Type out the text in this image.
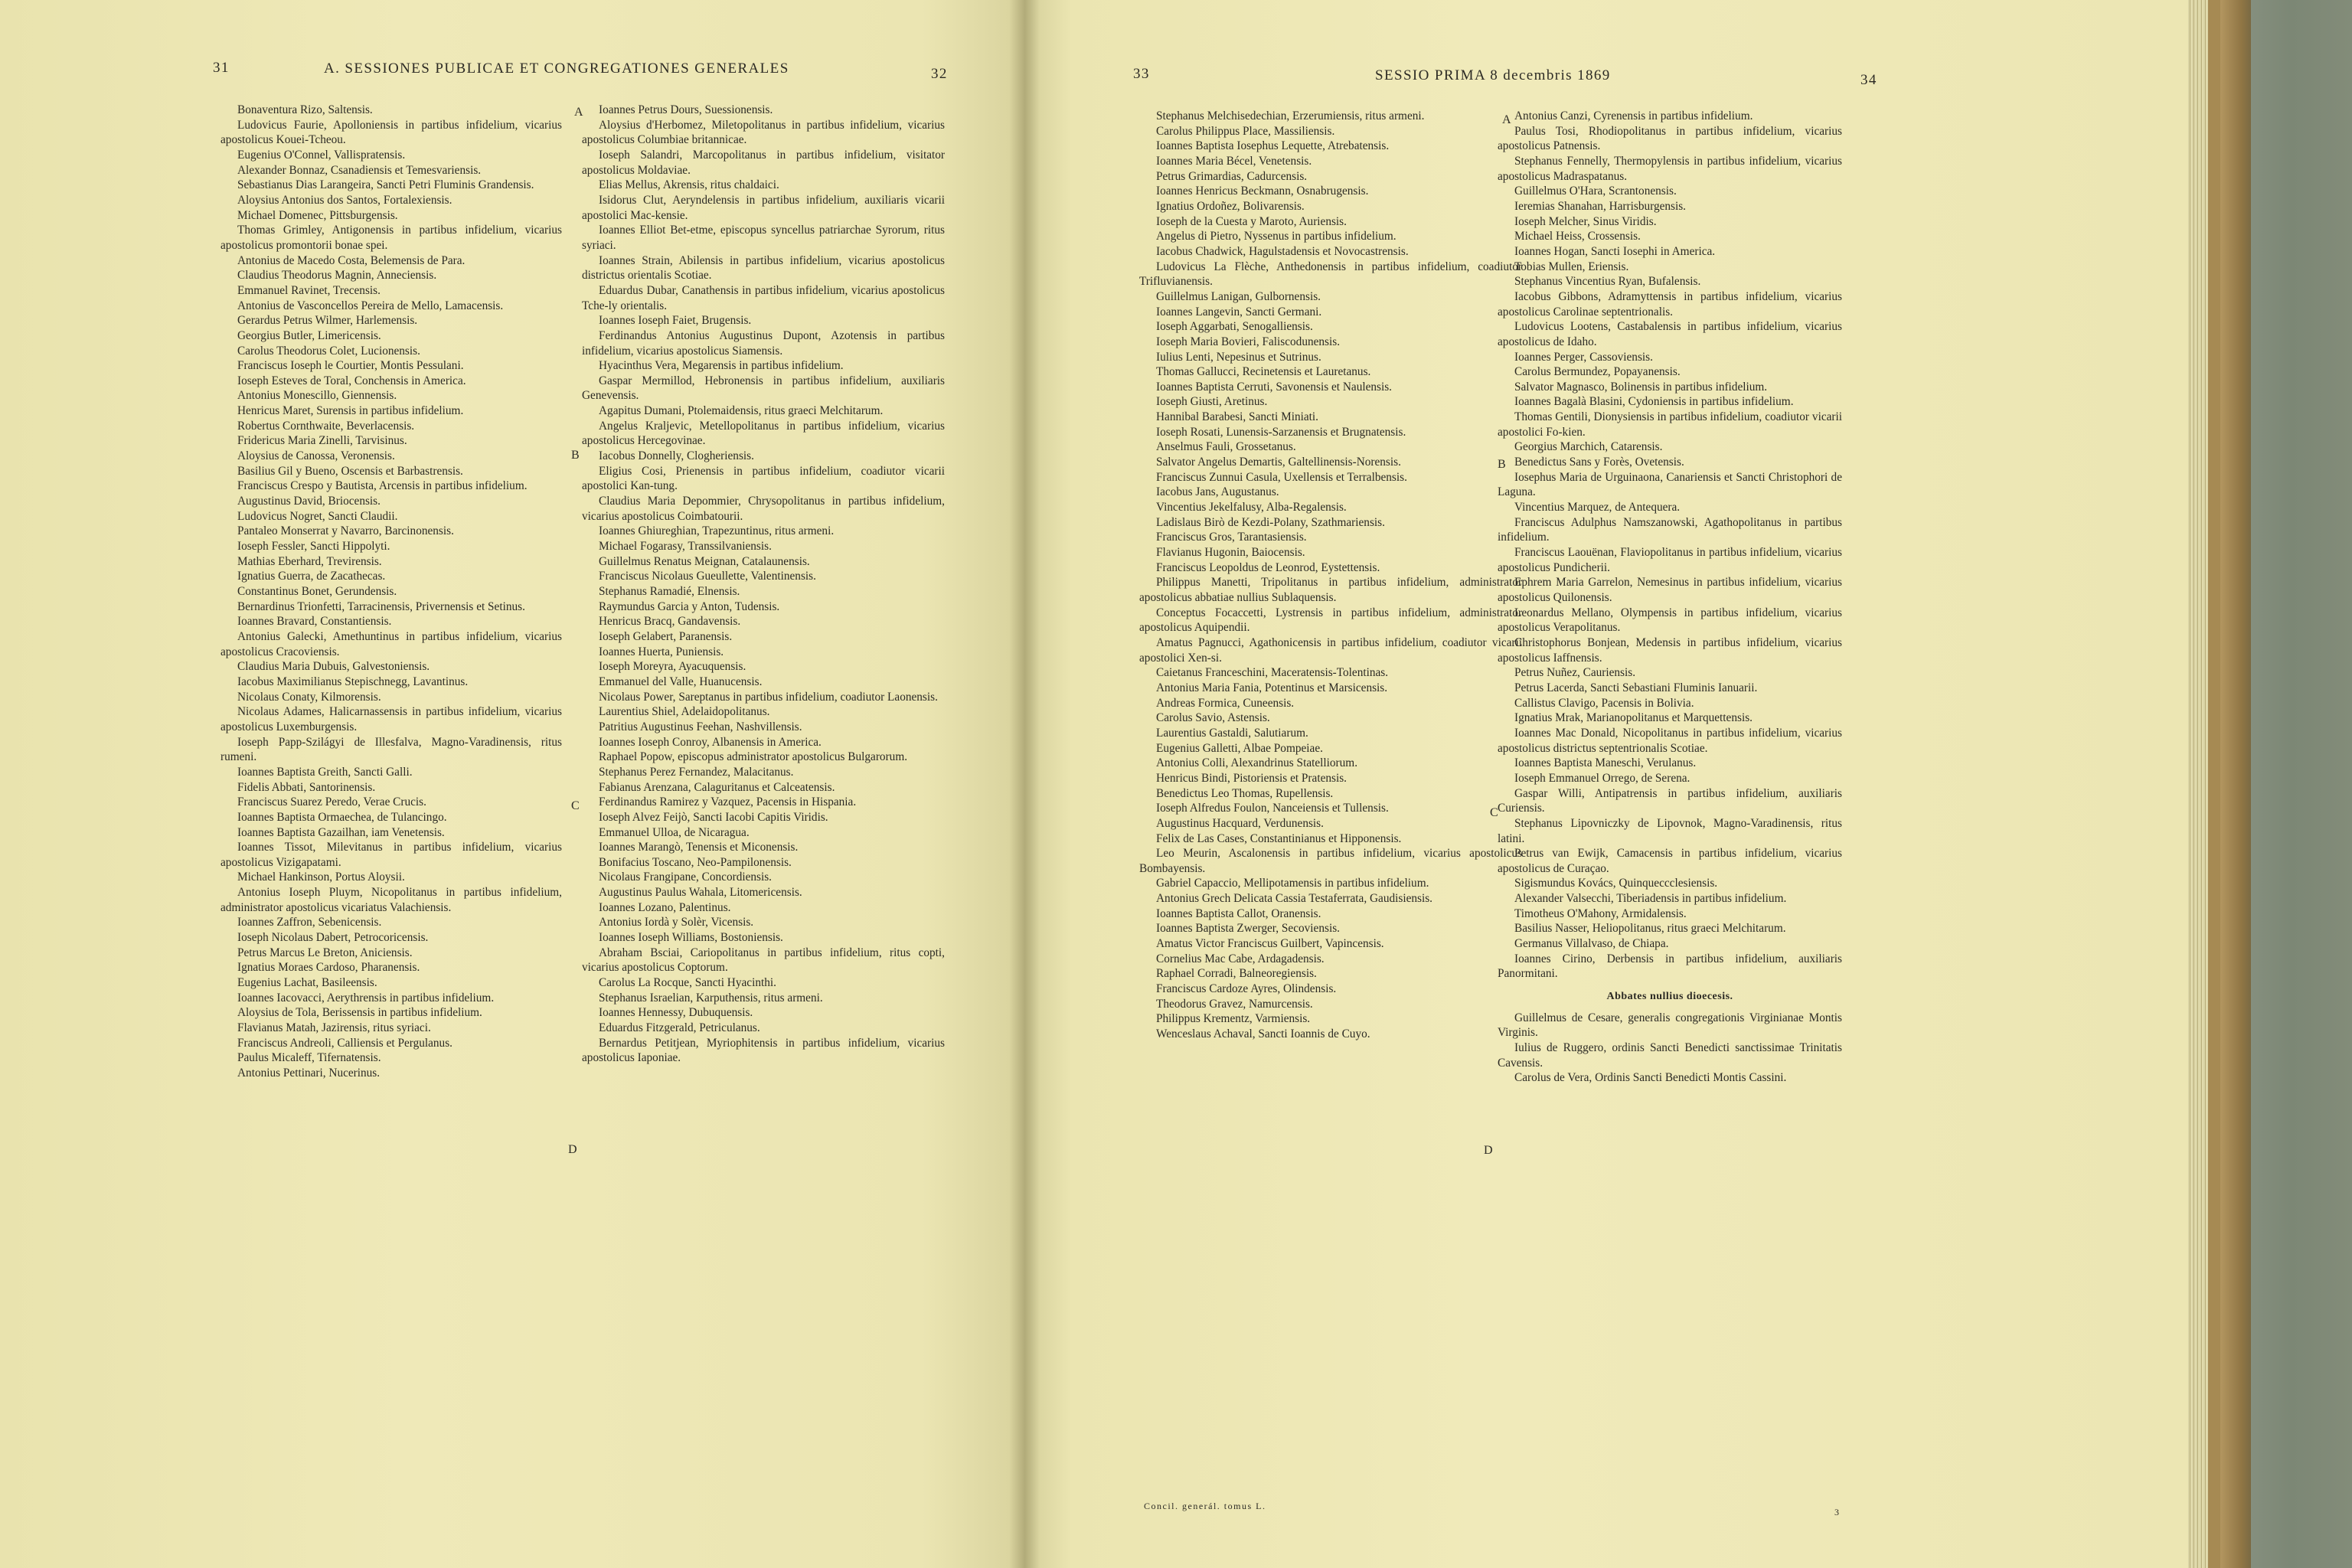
31	A. SESSIONES PUBLICAE ET CONGREGATIONES GENERALES	32

Bonaventura Rizo, Saltensis.

Ludovicus Faurie, Apolloniensis in partibus infidelium, vicarius apostolicus Kouei-Tcheou.

Eugenius O'Connel, Vallispratensis.

Alexander Bonnaz, Csanadiensis et Temesvariensis.

Sebastianus Dias Larangeira, Sancti Petri Fluminis Grandensis.

Aloysius Antonius dos Santos, Fortalexiensis.

Michael Domenec, Pittsburgensis.

Thomas Grimley, Antigonensis in partibus infidelium, vicarius apostolicus promontorii bonae spei.

Antonius de Macedo Costa, Belemensis de Para.

Claudius Theodorus Magnin, Anneciensis.

Emmanuel Ravinet, Trecensis.

Antonius de Vasconcellos Pereira de Mello, Lamacensis.

Gerardus Petrus Wilmer, Harlemensis.

Georgius Butler, Limericensis.

Carolus Theodorus Colet, Lucionensis.

Franciscus Ioseph le Courtier, Montis Pessulani.

Ioseph Esteves de Toral, Conchensis in America.

Antonius Monescillo, Giennensis.

Henricus Maret, Surensis in partibus infidelium.

Robertus Cornthwaite, Beverlacensis.

Fridericus Maria Zinelli, Tarvisinus.

Aloysius de Canossa, Veronensis.

Basilius Gil y Bueno, Oscensis et Barbastrensis.

Franciscus Crespo y Bautista, Arcensis in partibus infidelium.

Augustinus David, Briocensis.

Ludovicus Nogret, Sancti Claudii.

Pantaleo Monserrat y Navarro, Barcinonensis.

Ioseph Fessler, Sancti Hippolyti.

Mathias Eberhard, Trevirensis.

Ignatius Guerra, de Zacathecas.

Constantinus Bonet, Gerundensis.

Bernardinus Trionfetti, Tarracinensis, Privernensis et Setinus.

Ioannes Bravard, Constantiensis.

Antonius Galecki, Amethuntinus in partibus infidelium, vicarius apostolicus Cracoviensis.

Claudius Maria Dubuis, Galvestoniensis.

Iacobus Maximilianus Stepischnegg, Lavantinus.

Nicolaus Conaty, Kilmorensis.

Nicolaus Adames, Halicarnassensis in partibus infidelium, vicarius apostolicus Luxemburgensis.

Ioseph Papp-Szilágyi de Illesfalva, Magno-Varadinensis, ritus rumeni.

Ioannes Baptista Greith, Sancti Galli.

Fidelis Abbati, Santorinensis.

Franciscus Suarez Peredo, Verae Crucis.

Ioannes Baptista Ormaechea, de Tulancingo.

Ioannes Baptista Gazailhan, iam Venetensis.

Ioannes Tissot, Milevitanus in partibus infidelium, vicarius apostolicus Vizigapatami.

Michael Hankinson, Portus Aloysii.

Antonius Ioseph Pluym, Nicopolitanus in partibus infidelium, administrator apostolicus vicariatus Valachiensis.

Ioannes Zaffron, Sebenicensis.

Ioseph Nicolaus Dabert, Petrocoricensis.

Petrus Marcus Le Breton, Aniciensis.

Ignatius Moraes Cardoso, Pharanensis.

Eugenius Lachat, Basileensis.

Ioannes Iacovacci, Aerythrensis in partibus infidelium.

Aloysius de Tola, Berissensis in partibus infidelium.

Flavianus Matah, Jazirensis, ritus syriaci.

Franciscus Andreoli, Calliensis et Pergulanus.

Paulus Micaleff, Tifernatensis.

Antonius Pettinari, Nucerinus.

Ioannes Petrus Dours, Suessionensis.

Aloysius d'Herbomez, Miletopolitanus in partibus infidelium, vicarius apostolicus Columbiae britannicae.

Ioseph Salandri, Marcopolitanus in partibus infidelium, visitator apostolicus Moldaviae.

Elias Mellus, Akrensis, ritus chaldaici.

Isidorus Clut, Aeryndelensis in partibus infidelium, auxiliaris vicarii apostolici Mac-kensie.

Ioannes Elliot Bet-etme, episcopus syncellus patriarchae Syrorum, ritus syriaci.

Ioannes Strain, Abilensis in partibus infidelium, vicarius apostolicus districtus orientalis Scotiae.

Eduardus Dubar, Canathensis in partibus infidelium, vicarius apostolicus Tche-ly orientalis.

Ioannes Ioseph Faiet, Brugensis.

Ferdinandus Antonius Augustinus Dupont, Azotensis in partibus infidelium, vicarius apostolicus Siamensis.

Hyacinthus Vera, Megarensis in partibus infidelium.

Gaspar Mermillod, Hebronensis in partibus infidelium, auxiliaris Genevensis.

Agapitus Dumani, Ptolemaidensis, ritus graeci Melchitarum.

Angelus Kraljevic, Metellopolitanus in partibus infidelium, vicarius apostolicus Hercegovinae.

Iacobus Donnelly, Clogheriensis.

Eligius Cosi, Prienensis in partibus infidelium, coadiutor vicarii apostolici Kan-tung.

Claudius Maria Depommier, Chrysopolitanus in partibus infidelium, vicarius apostolicus Coimbatourii.

Ioannes Ghiureghian, Trapezuntinus, ritus armeni.

Michael Fogarasy, Transsilvaniensis.

Guillelmus Renatus Meignan, Catalaunensis.

Franciscus Nicolaus Gueullette, Valentinensis.

Stephanus Ramadié, Elnensis.

Raymundus Garcia y Anton, Tudensis.

Henricus Bracq, Gandavensis.

Ioseph Gelabert, Paranensis.

Ioannes Huerta, Puniensis.

Ioseph Moreyra, Ayacuquensis.

Emmanuel del Valle, Huanucensis.

Nicolaus Power, Sareptanus in partibus infidelium, coadiutor Laonensis.

Laurentius Shiel, Adelaidopolitanus.

Patritius Augustinus Feehan, Nashvillensis.

Ioannes Ioseph Conroy, Albanensis in America.

Raphael Popow, episcopus administrator apostolicus Bulgarorum.

Stephanus Perez Fernandez, Malacitanus.

Fabianus Arenzana, Calaguritanus et Calceatensis.

Ferdinandus Ramirez y Vazquez, Pacensis in Hispania.

Ioseph Alvez Feijò, Sancti Iacobi Capitis Viridis.

Emmanuel Ulloa, de Nicaragua.

Ioannes Marangò, Tenensis et Miconensis.

Bonifacius Toscano, Neo-Pampilonensis.

Nicolaus Frangipane, Concordiensis.

Augustinus Paulus Wahala, Litomericensis.

Ioannes Lozano, Palentinus.

Antonius Iordà y Solèr, Vicensis.

Ioannes Ioseph Williams, Bostoniensis.

Abraham Bsciai, Cariopolitanus in partibus infidelium, ritus copti, vicarius apostolicus Coptorum.

Carolus La Rocque, Sancti Hyacinthi.

Stephanus Israelian, Karputhensis, ritus armeni.

Ioannes Hennessy, Dubuquensis.

Eduardus Fitzgerald, Petriculanus.

Bernardus Petitjean, Myriophitensis in partibus infidelium, vicarius apostolicus Iaponiae.

A
B
C
D
33	SESSIO PRIMA 8 decembris 1869	34

Stephanus Melchisedechian, Erzerumiensis, ritus armeni.

Carolus Philippus Place, Massiliensis.

Ioannes Baptista Iosephus Lequette, Atrebatensis.

Ioannes Maria Bécel, Venetensis.

Petrus Grimardias, Cadurcensis.

Ioannes Henricus Beckmann, Osnabrugensis.

Ignatius Ordoñez, Bolivarensis.

Ioseph de la Cuesta y Maroto, Auriensis.

Angelus di Pietro, Nyssenus in partibus infidelium.

Iacobus Chadwick, Hagulstadensis et Novocastrensis.

Ludovicus La Flèche, Anthedonensis in partibus infidelium, coadiutor Trifluvianensis.

Guillelmus Lanigan, Gulbornensis.

Ioannes Langevin, Sancti Germani.

Ioseph Aggarbati, Senogalliensis.

Ioseph Maria Bovieri, Faliscodunensis.

Iulius Lenti, Nepesinus et Sutrinus.

Thomas Gallucci, Recinetensis et Lauretanus.

Ioannes Baptista Cerruti, Savonensis et Naulensis.

Ioseph Giusti, Aretinus.

Hannibal Barabesi, Sancti Miniati.

Ioseph Rosati, Lunensis-Sarzanensis et Brugnatensis.

Anselmus Fauli, Grossetanus.

Salvator Angelus Demartis, Galtellinensis-Norensis.

Franciscus Zunnui Casula, Uxellensis et Terralbensis.

Iacobus Jans, Augustanus.

Vincentius Jekelfalusy, Alba-Regalensis.

Ladislaus Birò de Kezdi-Polany, Szathmariensis.

Franciscus Gros, Tarantasiensis.

Flavianus Hugonin, Baiocensis.

Franciscus Leopoldus de Leonrod, Eystettensis.

Philippus Manetti, Tripolitanus in partibus infidelium, administrator apostolicus abbatiae nullius Sublaquensis.

Conceptus Focaccetti, Lystrensis in partibus infidelium, administrator apostolicus Aquipendii.

Amatus Pagnucci, Agathonicensis in partibus infidelium, coadiutor vicarii apostolici Xen-si.

Caietanus Franceschini, Maceratensis-Tolentinas.

Antonius Maria Fania, Potentinus et Marsicensis.

Andreas Formica, Cuneensis.

Carolus Savio, Astensis.

Laurentius Gastaldi, Salutiarum.

Eugenius Galletti, Albae Pompeiae.

Antonius Colli, Alexandrinus Statelliorum.

Henricus Bindi, Pistoriensis et Pratensis.

Benedictus Leo Thomas, Rupellensis.

Ioseph Alfredus Foulon, Nanceiensis et Tullensis.

Augustinus Hacquard, Verdunensis.

Felix de Las Cases, Constantinianus et Hipponensis.

Leo Meurin, Ascalonensis in partibus infidelium, vicarius apostolicus Bombayensis.

Gabriel Capaccio, Mellipotamensis in partibus infidelium.

Antonius Grech Delicata Cassia Testaferrata, Gaudisiensis.

Ioannes Baptista Callot, Oranensis.

Ioannes Baptista Zwerger, Secoviensis.

Amatus Victor Franciscus Guilbert, Vapincensis.

Cornelius Mac Cabe, Ardagadensis.

Raphael Corradi, Balneoregiensis.

Franciscus Cardoze Ayres, Olindensis.

Theodorus Gravez, Namurcensis.

Philippus Krementz, Varmiensis.

Wenceslaus Achaval, Sancti Ioannis de Cuyo.

Antonius Canzi, Cyrenensis in partibus infidelium.

Paulus Tosi, Rhodiopolitanus in partibus infidelium, vicarius apostolicus Patnensis.

Stephanus Fennelly, Thermopylensis in partibus infidelium, vicarius apostolicus Madraspatanus.

Guillelmus O'Hara, Scrantonensis.

Ieremias Shanahan, Harrisburgensis.

Ioseph Melcher, Sinus Viridis.

Michael Heiss, Crossensis.

Ioannes Hogan, Sancti Iosephi in America.

Tobias Mullen, Eriensis.

Stephanus Vincentius Ryan, Bufalensis.

Iacobus Gibbons, Adramyttensis in partibus infidelium, vicarius apostolicus Carolinae septentrionalis.

Ludovicus Lootens, Castabalensis in partibus infidelium, vicarius apostolicus de Idaho.

Ioannes Perger, Cassoviensis.

Carolus Bermundez, Popayanensis.

Salvator Magnasco, Bolinensis in partibus infidelium.

Ioannes Bagalà Blasini, Cydoniensis in partibus infidelium.

Thomas Gentili, Dionysiensis in partibus infidelium, coadiutor vicarii apostolici Fo-kien.

Georgius Marchich, Catarensis.

Benedictus Sans y Forès, Ovetensis.

Iosephus Maria de Urguinaona, Canariensis et Sancti Christophori de Laguna.

Vincentius Marquez, de Antequera.

Franciscus Adulphus Namszanowski, Agathopolitanus in partibus infidelium.

Franciscus Laouënan, Flaviopolitanus in partibus infidelium, vicarius apostolicus Pundicherii.

Ephrem Maria Garrelon, Nemesinus in partibus infidelium, vicarius apostolicus Quilonensis.

Leonardus Mellano, Olympensis in partibus infidelium, vicarius apostolicus Verapolitanus.

Christophorus Bonjean, Medensis in partibus infidelium, vicarius apostolicus Iaffnensis.

Petrus Nuñez, Cauriensis.

Petrus Lacerda, Sancti Sebastiani Fluminis Ianuarii.

Callistus Clavigo, Pacensis in Bolivia.

Ignatius Mrak, Marianopolitanus et Marquettensis.

Ioannes Mac Donald, Nicopolitanus in partibus infidelium, vicarius apostolicus districtus septentrionalis Scotiae.

Ioannes Baptista Maneschi, Verulanus.

Ioseph Emmanuel Orrego, de Serena.

Gaspar Willi, Antipatrensis in partibus infidelium, auxiliaris Curiensis.

Stephanus Lipovniczky de Lipovnok, Magno-Varadinensis, ritus latini.

Petrus van Ewijk, Camacensis in partibus infidelium, vicarius apostolicus de Curaçao.

Sigismundus Kovács, Quinqueccclesiensis.

Alexander Valsecchi, Tiberiadensis in partibus infidelium.

Timotheus O'Mahony, Armidalensis.

Basilius Nasser, Heliopolitanus, ritus graeci Melchitarum.

Germanus Villalvaso, de Chiapa.

Ioannes Cirino, Derbensis in partibus infidelium, auxiliaris Panormitani.

Abbates nullius dioecesis.

Guillelmus de Cesare, generalis congregationis Virginianae Montis Virginis.

Iulius de Ruggero, ordinis Sancti Benedicti sanctissimae Trinitatis Cavensis.

Carolus de Vera, Ordinis Sancti Benedicti Montis Cassini.

A
B
C
D
Concil. generál. tomus L.
3
